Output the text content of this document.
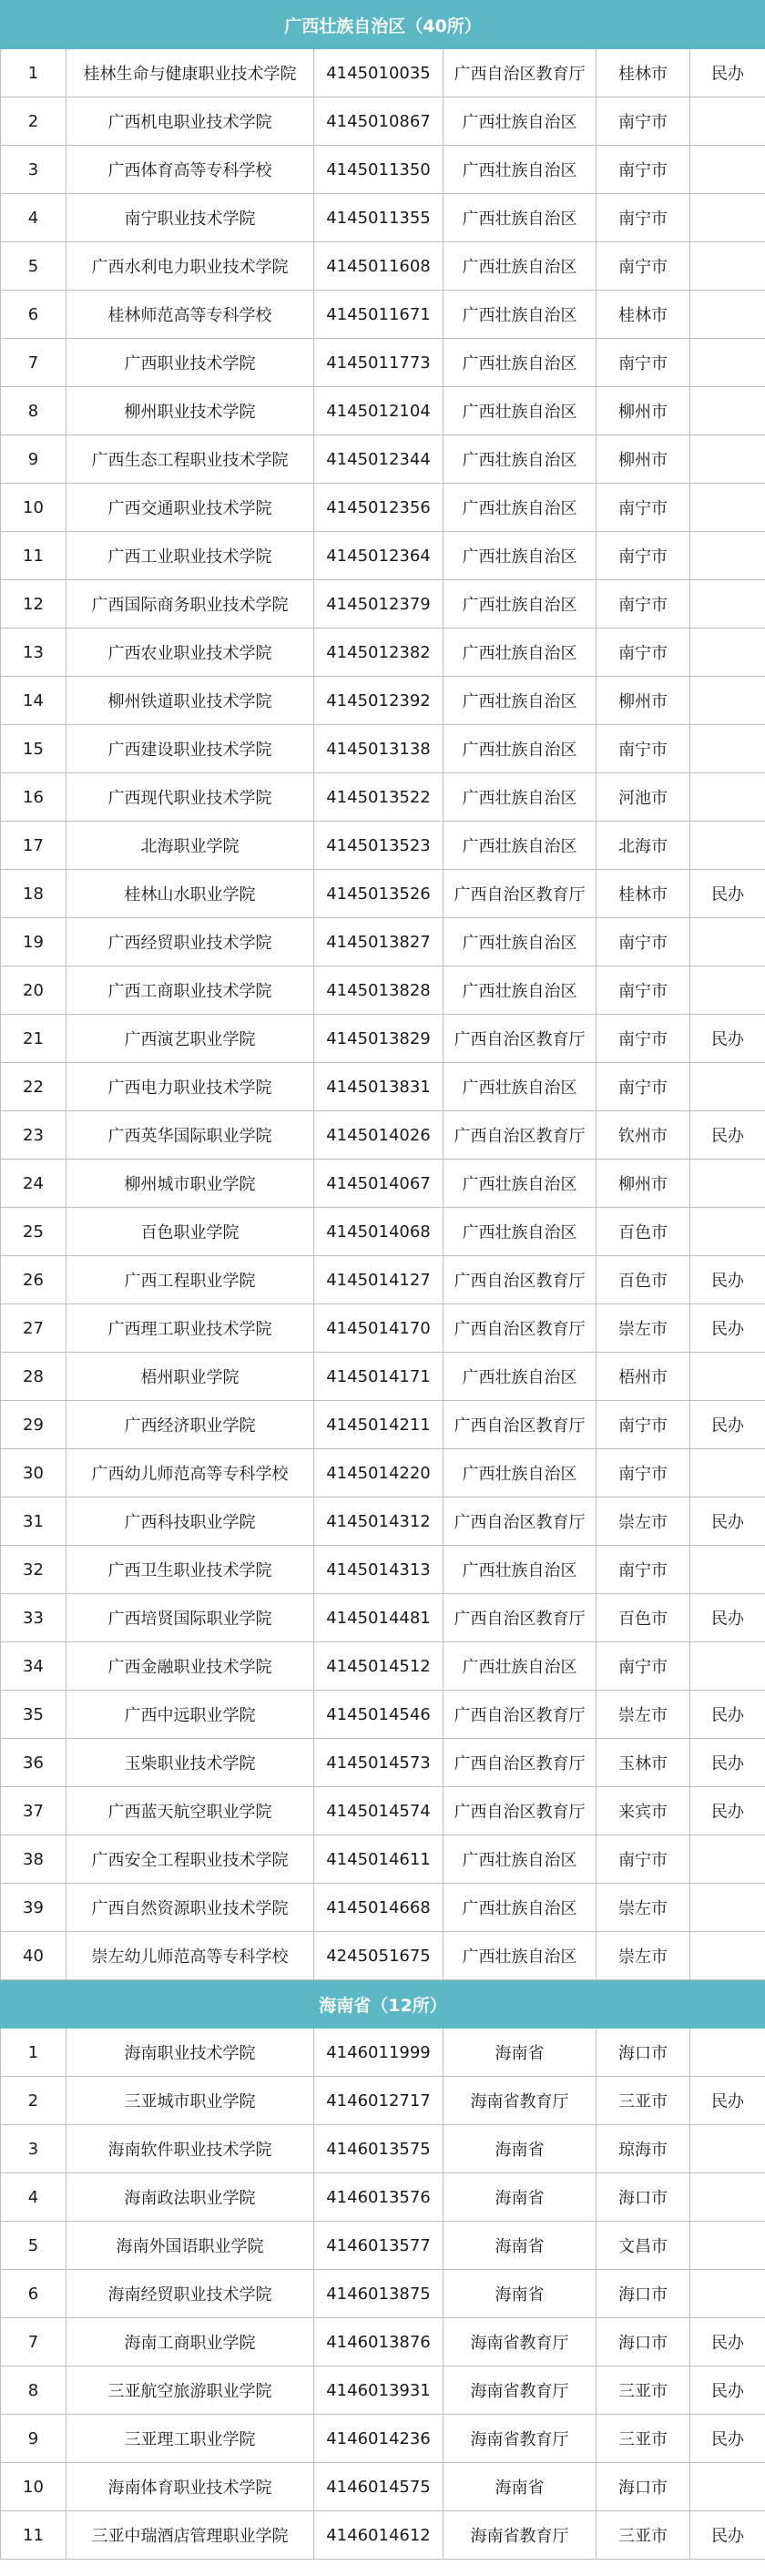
广西壮族自治区（40所）					
1	桂林生命与健康职业技术学院	4145010035	广西自治区教育厅	桂林市	民办
2	广西机电职业技术学院	4145010867	广西壮族自治区	南宁市	
3	广西体育高等专科学校	4145011350	广西壮族自治区	南宁市	
4	南宁职业技术学院	4145011355	广西壮族自治区	南宁市	
5	广西水利电力职业技术学院	4145011608	广西壮族自治区	南宁市	
6	桂林师范高等专科学校	4145011671	广西壮族自治区	桂林市	
7	广西职业技术学院	4145011773	广西壮族自治区	南宁市	
8	柳州职业技术学院	4145012104	广西壮族自治区	柳州市	
9	广西生态工程职业技术学院	4145012344	广西壮族自治区	柳州市	
10	广西交通职业技术学院	4145012356	广西壮族自治区	南宁市	
11	广西工业职业技术学院	4145012364	广西壮族自治区	南宁市	
12	广西国际商务职业技术学院	4145012379	广西壮族自治区	南宁市	
13	广西农业职业技术学院	4145012382	广西壮族自治区	南宁市	
14	柳州铁道职业技术学院	4145012392	广西壮族自治区	柳州市	
15	广西建设职业技术学院	4145013138	广西壮族自治区	南宁市	
16	广西现代职业技术学院	4145013522	广西壮族自治区	河池市	
17	北海职业学院	4145013523	广西壮族自治区	北海市	
18	桂林山水职业学院	4145013526	广西自治区教育厅	桂林市	民办
19	广西经贸职业技术学院	4145013827	广西壮族自治区	南宁市	
20	广西工商职业技术学院	4145013828	广西壮族自治区	南宁市	
21	广西演艺职业学院	4145013829	广西自治区教育厅	南宁市	民办
22	广西电力职业技术学院	4145013831	广西壮族自治区	南宁市	
23	广西英华国际职业学院	4145014026	广西自治区教育厅	钦州市	民办
24	柳州城市职业学院	4145014067	广西壮族自治区	柳州市	
25	百色职业学院	4145014068	广西壮族自治区	百色市	
26	广西工程职业学院	4145014127	广西自治区教育厅	百色市	民办
27	广西理工职业技术学院	4145014170	广西自治区教育厅	崇左市	民办
28	梧州职业学院	4145014171	广西壮族自治区	梧州市	
29	广西经济职业学院	4145014211	广西自治区教育厅	南宁市	民办
30	广西幼儿师范高等专科学校	4145014220	广西壮族自治区	南宁市	
31	广西科技职业学院	4145014312	广西自治区教育厅	崇左市	民办
32	广西卫生职业技术学院	4145014313	广西壮族自治区	南宁市	
33	广西培贤国际职业学院	4145014481	广西自治区教育厅	百色市	民办
34	广西金融职业技术学院	4145014512	广西壮族自治区	南宁市	
35	广西中远职业学院	4145014546	广西自治区教育厅	崇左市	民办
36	玉柴职业技术学院	4145014573	广西自治区教育厅	玉林市	民办
37	广西蓝天航空职业学院	4145014574	广西自治区教育厅	来宾市	民办
38	广西安全工程职业技术学院	4145014611	广西壮族自治区	南宁市	
39	广西自然资源职业技术学院	4145014668	广西壮族自治区	崇左市	
40	崇左幼儿师范高等专科学校	4245051675	广西壮族自治区	崇左市	
海南省（12所）					
1	海南职业技术学院	4146011999	海南省	海口市	
2	三亚城市职业学院	4146012717	海南省教育厅	三亚市	民办
3	海南软件职业技术学院	4146013575	海南省	琼海市	
4	海南政法职业学院	4146013576	海南省	海口市	
5	海南外国语职业学院	4146013577	海南省	文昌市	
6	海南经贸职业技术学院	4146013875	海南省	海口市	
7	海南工商职业学院	4146013876	海南省教育厅	海口市	民办
8	三亚航空旅游职业学院	4146013931	海南省教育厅	三亚市	民办
9	三亚理工职业学院	4146014236	海南省教育厅	三亚市	民办
10	海南体育职业技术学院	4146014575	海南省	海口市	
11	三亚中瑞酒店管理职业学院	4146014612	海南省教育厅	三亚市	民办
